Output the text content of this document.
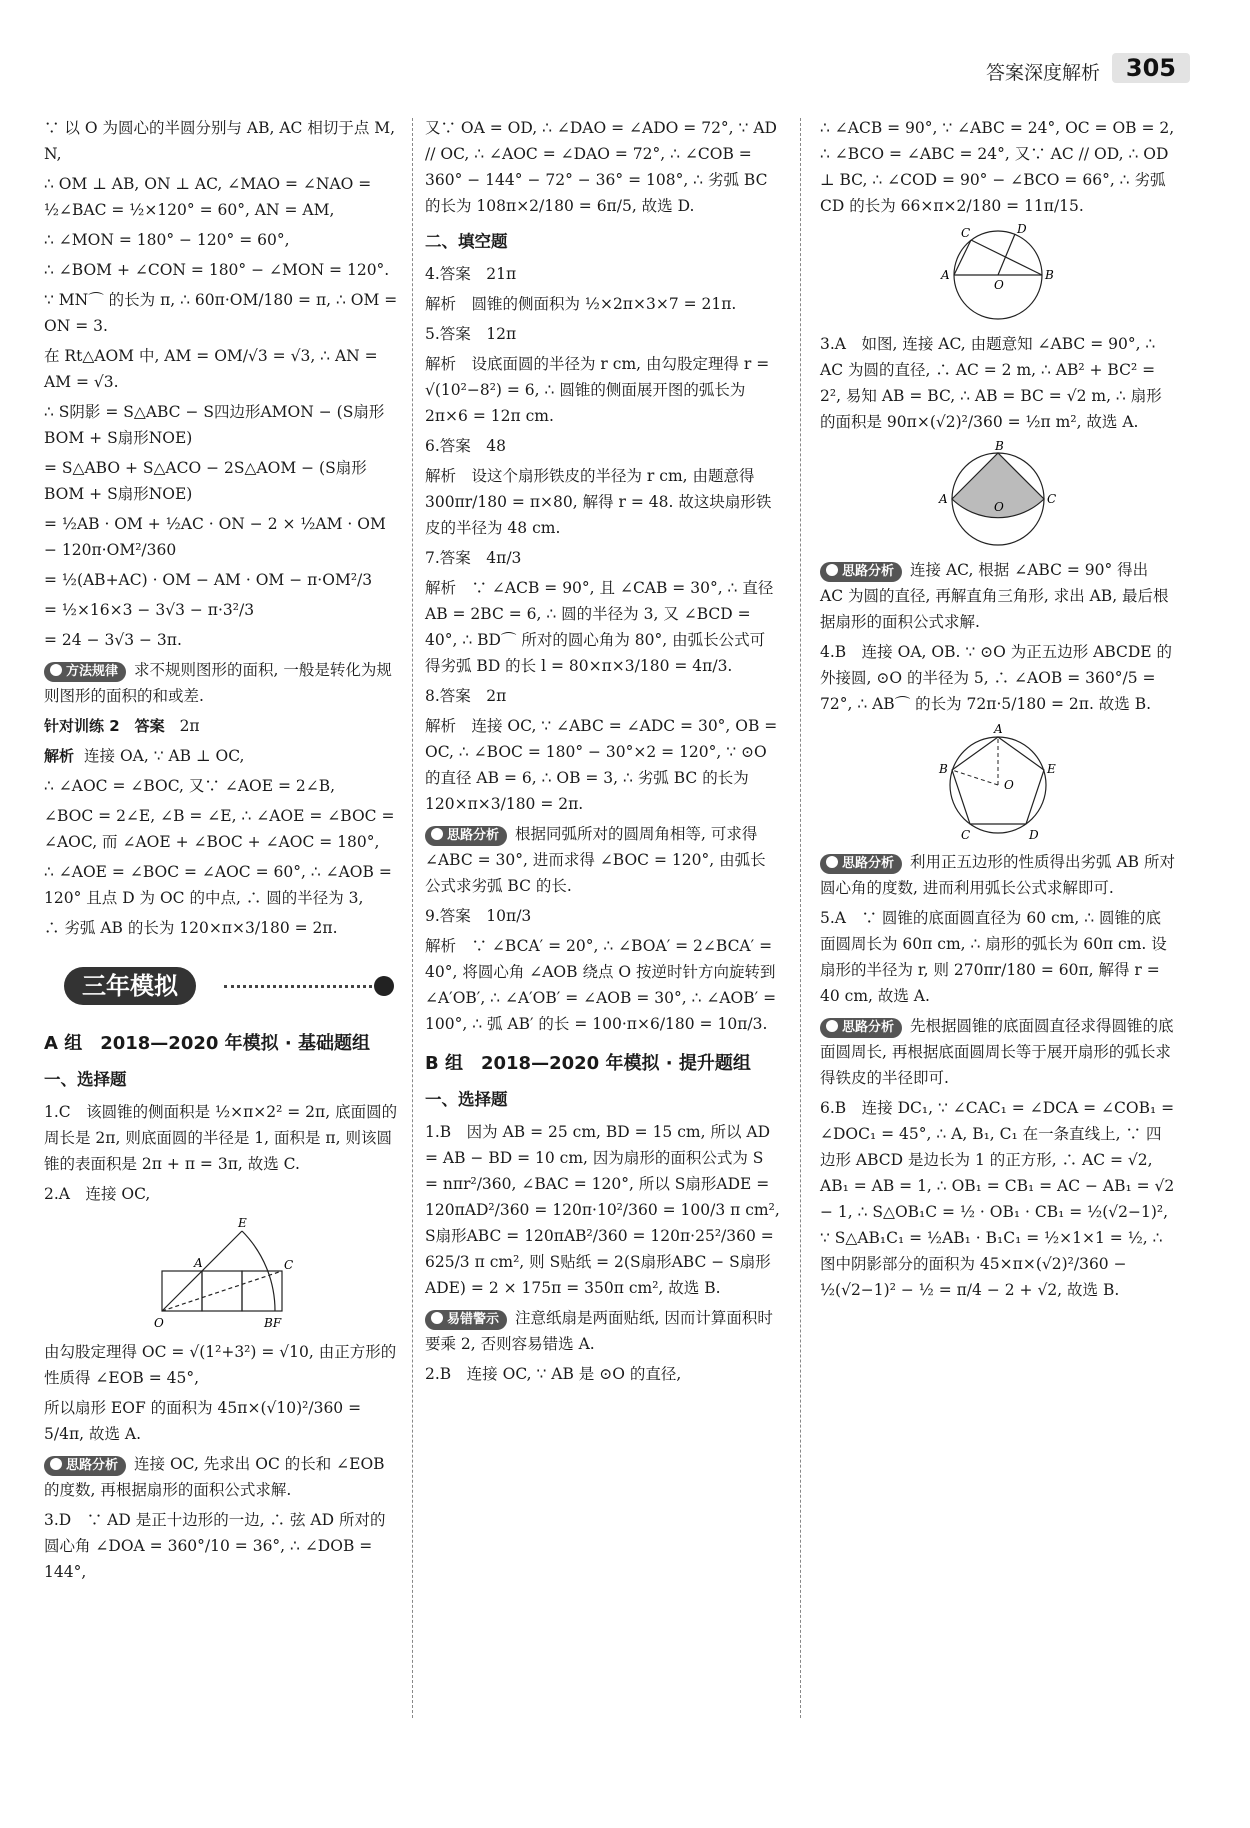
答案深度解析	305

∵ 以 O 为圆心的半圆分别与 AB, AC 相切于点 M, N,

∴ OM ⊥ AB, ON ⊥ AC, ∠MAO = ∠NAO = ½∠BAC = ½×120° = 60°, AN = AM,

∴ ∠MON = 180° − 120° = 60°,

∴ ∠BOM + ∠CON = 180° − ∠MON = 120°.

∵ MN⌒ 的长为 π, ∴ 60π·OM/180 = π, ∴ OM = ON = 3.

在 Rt△AOM 中, AM = OM/√3 = √3, ∴ AN = AM = √3.

∴ S阴影 = S△ABC − S四边形AMON − (S扇形BOM + S扇形NOE)

= S△ABO + S△ACO − 2S△AOM − (S扇形BOM + S扇形NOE)

= ½AB · OM + ½AC · ON − 2 × ½AM · OM − 120π·OM²/360

= ½(AB+AC) · OM − AM · OM − π·OM²/3

= ½×16×3 − 3√3 − π·3²/3

= 24 − 3√3 − 3π.

方法规律 求不规则图形的面积, 一般是转化为规则图形的面积的和或差.

针对训练 2 答案 2π

解析 连接 OA, ∵ AB ⊥ OC,

∴ ∠AOC = ∠BOC, 又∵ ∠AOE = 2∠B,

∠BOC = 2∠E, ∠B = ∠E, ∴ ∠AOE = ∠BOC = ∠AOC, 而 ∠AOE + ∠BOC + ∠AOC = 180°,

∴ ∠AOE = ∠BOC = ∠AOC = 60°, ∴ ∠AOB = 120° 且点 D 为 OC 的中点, ∴ 圆的半径为 3,

∴ 劣弧 AB 的长为 120×π×3/180 = 2π.

三年模拟
A 组　2018—2020 年模拟 · 基础题组
一、选择题

1.C　该圆锥的侧面积是 ½×π×2² = 2π, 底面圆的周长是 2π, 则底面圆的半径是 1, 面积是 π, 则该圆锥的表面积是 2π + π = 3π, 故选 C.

2.A　连接 OC,

E
A	C
O	BF

由勾股定理得 OC = √(1²+3²) = √10, 由正方形的性质得 ∠EOB = 45°,

所以扇形 EOF 的面积为 45π×(√10)²/360 = 5/4π, 故选 A.

思路分析 连接 OC, 先求出 OC 的长和 ∠EOB 的度数, 再根据扇形的面积公式求解.

3.D　∵ AD 是正十边形的一边, ∴ 弦 AD 所对的圆心角 ∠DOA = 360°/10 = 36°, ∴ ∠DOB = 144°,

又∵ OA = OD, ∴ ∠DAO = ∠ADO = 72°, ∵ AD // OC, ∴ ∠AOC = ∠DAO = 72°, ∴ ∠COB = 360° − 144° − 72° − 36° = 108°, ∴ 劣弧 BC 的长为 108π×2/180 = 6π/5, 故选 D.

二、填空题

4.答案　21π

解析　圆锥的侧面积为 ½×2π×3×7 = 21π.

5.答案　12π

解析　设底面圆的半径为 r cm, 由勾股定理得 r = √(10²−8²) = 6, ∴ 圆锥的侧面展开图的弧长为 2π×6 = 12π cm.

6.答案　48

解析　设这个扇形铁皮的半径为 r cm, 由题意得 300πr/180 = π×80, 解得 r = 48. 故这块扇形铁皮的半径为 48 cm.

7.答案　4π/3

解析　∵ ∠ACB = 90°, 且 ∠CAB = 30°, ∴ 直径 AB = 2BC = 6, ∴ 圆的半径为 3, 又 ∠BCD = 40°, ∴ BD⌒ 所对的圆心角为 80°, 由弧长公式可得劣弧 BD 的长 l = 80×π×3/180 = 4π/3.

8.答案　2π

解析　连接 OC, ∵ ∠ABC = ∠ADC = 30°, OB = OC, ∴ ∠BOC = 180° − 30°×2 = 120°, ∵ ⊙O 的直径 AB = 6, ∴ OB = 3, ∴ 劣弧 BC 的长为 120×π×3/180 = 2π.

思路分析 根据同弧所对的圆周角相等, 可求得 ∠ABC = 30°, 进而求得 ∠BOC = 120°, 由弧长公式求劣弧 BC 的长.

9.答案　10π/3

解析　∵ ∠BCA′ = 20°, ∴ ∠BOA′ = 2∠BCA′ = 40°, 将圆心角 ∠AOB 绕点 O 按逆时针方向旋转到 ∠A′OB′, ∴ ∠A′OB′ = ∠AOB = 30°, ∴ ∠AOB′ = 100°, ∴ 弧 AB′ 的长 = 100·π×6/180 = 10π/3.

B 组　2018—2020 年模拟 · 提升题组
一、选择题

1.B　因为 AB = 25 cm, BD = 15 cm, 所以 AD = AB − BD = 10 cm, 因为扇形的面积公式为 S = nπr²/360, ∠BAC = 120°, 所以 S扇形ADE = 120πAD²/360 = 120π·10²/360 = 100/3 π cm², S扇形ABC = 120πAB²/360 = 120π·25²/360 = 625/3 π cm², 则 S贴纸 = 2(S扇形ABC − S扇形ADE) = 2 × 175π = 350π cm², 故选 B.

易错警示 注意纸扇是两面贴纸, 因而计算面积时要乘 2, 否则容易错选 A.

2.B　连接 OC, ∵ AB 是 ⊙O 的直径,

∴ ∠ACB = 90°, ∵ ∠ABC = 24°, OC = OB = 2, ∴ ∠BCO = ∠ABC = 24°, 又∵ AC // OD, ∴ OD ⊥ BC, ∴ ∠COD = 90° − ∠BCO = 66°, ∴ 劣弧 CD 的长为 66×π×2/180 = 11π/15.

C	D
A	B
O

3.A　如图, 连接 AC, 由题意知 ∠ABC = 90°, ∴ AC 为圆的直径, ∴ AC = 2 m, ∴ AB² + BC² = 2², 易知 AB = BC, ∴ AB = BC = √2 m, ∴ 扇形的面积是 90π×(√2)²/360 = ½π m², 故选 A.

B
A	C
O

思路分析 连接 AC, 根据 ∠ABC = 90° 得出 AC 为圆的直径, 再解直角三角形, 求出 AB, 最后根据扇形的面积公式求解.

4.B　连接 OA, OB. ∵ ⊙O 为正五边形 ABCDE 的外接圆, ⊙O 的半径为 5, ∴ ∠AOB = 360°/5 = 72°, ∴ AB⌒ 的长为 72π·5/180 = 2π. 故选 B.

A
B	E
C	D
O

思路分析 利用正五边形的性质得出劣弧 AB 所对圆心角的度数, 进而利用弧长公式求解即可.

5.A　∵ 圆锥的底面圆直径为 60 cm, ∴ 圆锥的底面圆周长为 60π cm, ∴ 扇形的弧长为 60π cm. 设扇形的半径为 r, 则 270πr/180 = 60π, 解得 r = 40 cm, 故选 A.

思路分析 先根据圆锥的底面圆直径求得圆锥的底面圆周长, 再根据底面圆周长等于展开扇形的弧长求得铁皮的半径即可.

6.B　连接 DC₁, ∵ ∠CAC₁ = ∠DCA = ∠COB₁ = ∠DOC₁ = 45°, ∴ A, B₁, C₁ 在一条直线上, ∵ 四边形 ABCD 是边长为 1 的正方形, ∴ AC = √2, AB₁ = AB = 1, ∴ OB₁ = CB₁ = AC − AB₁ = √2 − 1, ∴ S△OB₁C = ½ · OB₁ · CB₁ = ½(√2−1)², ∵ S△AB₁C₁ = ½AB₁ · B₁C₁ = ½×1×1 = ½, ∴ 图中阴影部分的面积为 45×π×(√2)²/360 − ½(√2−1)² − ½ = π/4 − 2 + √2, 故选 B.
